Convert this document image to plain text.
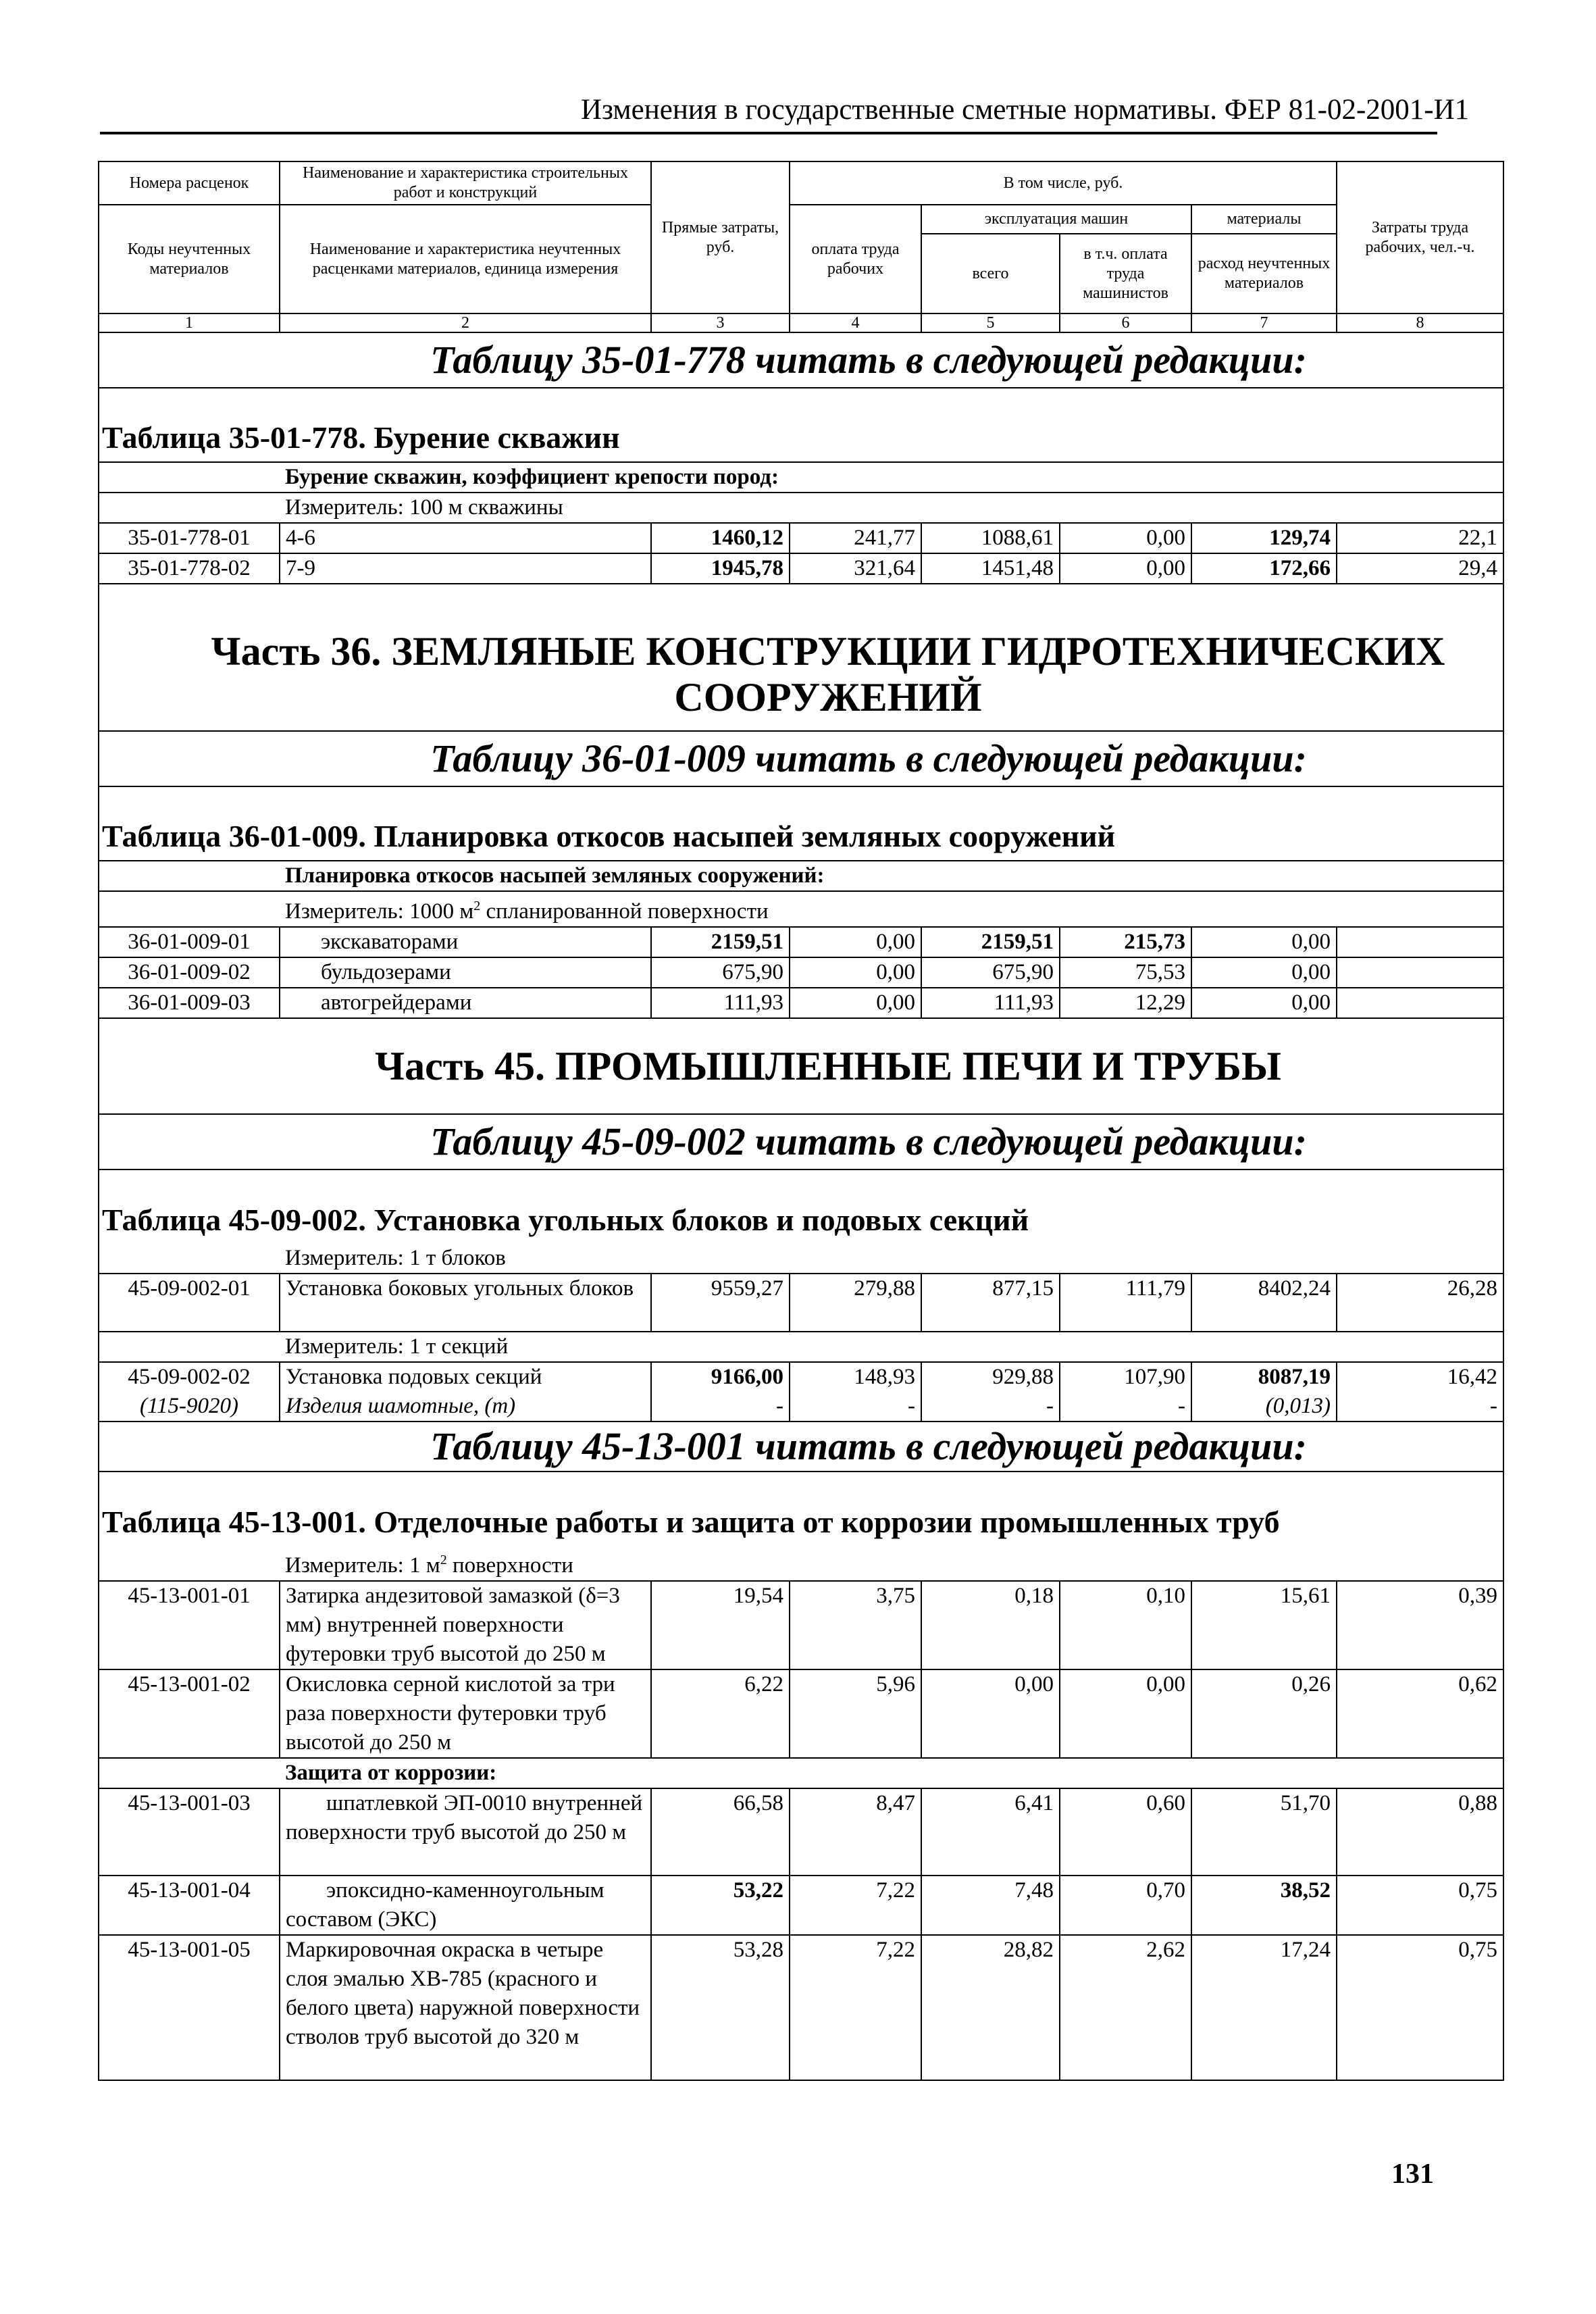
Изменения в государственные сметные нормативы. ФЕР 81-02-2001-И1
Номера расценок	Наименование и характеристика строительных работ и конструкций	Прямые затраты, руб.	В том числе, руб.				Затраты труда рабочих, чел.-ч.
Коды неучтенных материалов	Наименование и характеристика неучтенных расценками материалов, единица измерения		оплата труда рабочих	эксплуатация машин		материалы	
				всего	в т.ч. оплата труда машинистов	расход неучтенных материалов	
1	2	3	4	5	6	7	8
Таблицу 35-01-778 читать в следующей редакции:							
Таблица 35-01-778. Бурение скважин							
	Бурение скважин, коэффициент крепости пород:						
	Измеритель: 100 м скважины						
35-01-778-01	4-6	1460,12	241,77	1088,61	0,00	129,74	22,1
35-01-778-02	7-9	1945,78	321,64	1451,48	0,00	172,66	29,4
Часть 36. ЗЕМЛЯНЫЕ КОНСТРУКЦИИ ГИДРОТЕХНИЧЕСКИХ
СООРУЖЕНИЙ							
Таблицу 36-01-009 читать в следующей редакции:							
Таблица 36-01-009. Планировка откосов насыпей земляных сооружений							
	Планировка откосов насыпей земляных сооружений:						
	Измеритель: 1000 $м^2$ спланированной поверхности						
36-01-009-01	экскаваторами	2159,51	0,00	2159,51	215,73	0,00	
36-01-009-02	бульдозерами	675,90	0,00	675,90	75,53	0,00	
36-01-009-03	автогрейдерами	111,93	0,00	111,93	12,29	0,00	
Часть 45. ПРОМЫШЛЕННЫЕ ПЕЧИ И ТРУБЫ							
Таблицу 45-09-002 читать в следующей редакции:							
Таблица 45-09-002. Установка угольных блоков и подовых секций							
	Измеритель: 1 т блоков						
45-09-002-01	Установка боковых угольных блоков	9559,27	279,88	877,15	111,79	8402,24	26,28
	Измеритель: 1 т секций						
45-09-002-02	Установка подовых секций	9166,00	148,93	929,88	107,90	8087,19	16,42
(115-9020)	Изделия шамотные, (т)	-	-	-	-	(0,013)	-
Таблицу 45-13-001 читать в следующей редакции:							
Таблица 45-13-001. Отделочные работы и защита от коррозии промышленных труб							
	Измеритель: 1 $м^2$ поверхности						
45-13-001-01	Затирка андезитовой замазкой (δ=3 мм) внутренней поверхности футеровки труб высотой до 250 м	19,54	3,75	0,18	0,10	15,61	0,39
45-13-001-02	Окисловка серной кислотой за три раза поверхности футеровки труб высотой до 250 м	6,22	5,96	0,00	0,00	0,26	0,62
	Защита от коррозии:						
45-13-001-03	шпатлевкой ЭП-0010 внутренней поверхности труб высотой до 250 м	66,58	8,47	6,41	0,60	51,70	0,88
45-13-001-04	эпоксидно-каменноугольным составом (ЭКС)	53,22	7,22	7,48	0,70	38,52	0,75
45-13-001-05	Маркировочная окраска в четыре слоя эмалью ХВ-785 (красного и белого цвета) наружной поверхности стволов труб высотой до 320 м	53,28	7,22	28,82	2,62	17,24	0,75
131
